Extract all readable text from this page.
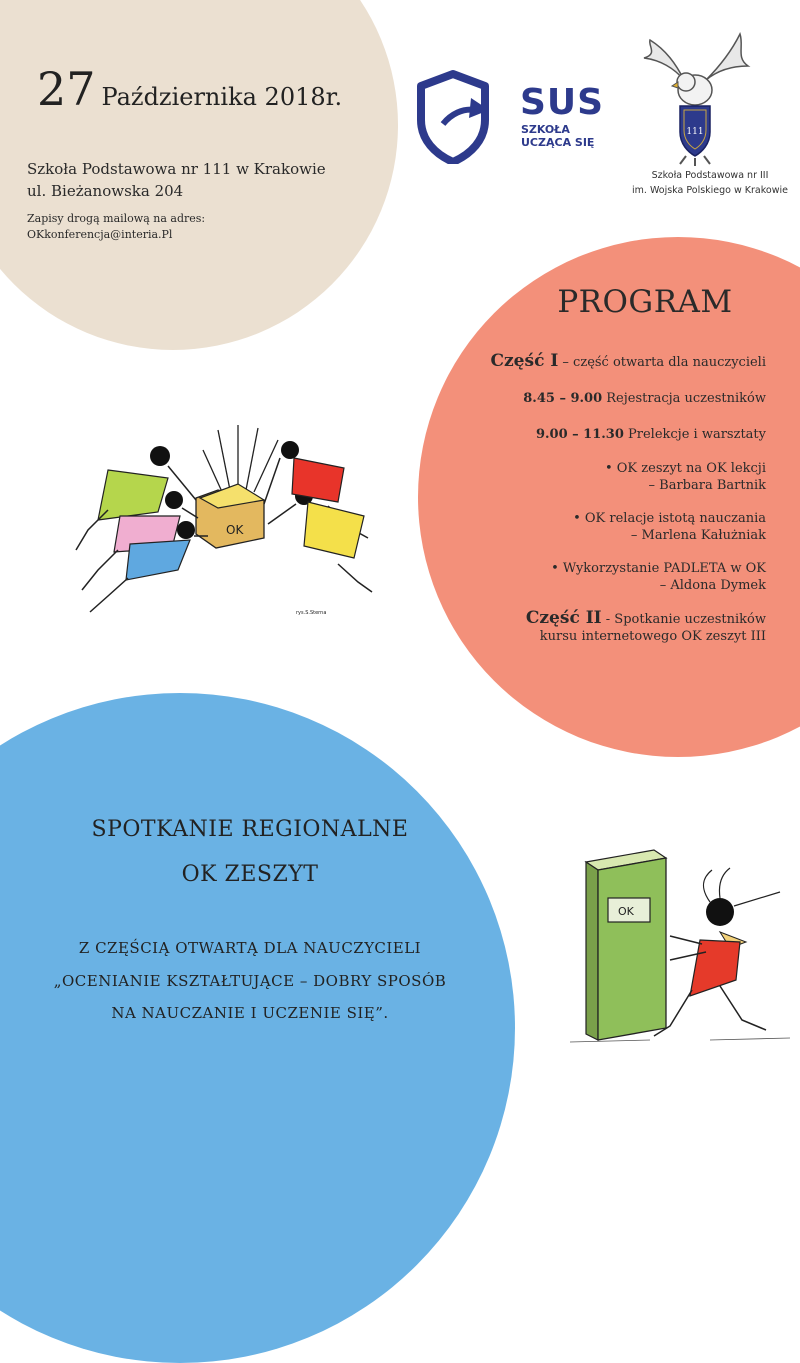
27 Października 2018r.
Szkoła Podstawowa nr 111 w Krakowie
ul. Bieżanowska 204
Zapisy drogą mailową na adres:
OKkonferencja@interia.Pl
SUS
SZKOŁA
UCZĄCA SIĘ
111
Szkoła Podstawowa nr III
im. Wojska Polskiego w Krakowie
PROGRAM
Część I – część otwarta dla nauczycieli
8.45 – 9.00 Rejestracja uczestników
9.00 – 11.30 Prelekcje i warsztaty
• OK zeszyt na OK lekcji
– Barbara Bartnik
• OK relacje istotą nauczania
– Marlena Kałużniak
• Wykorzystanie PADLETA w OK
– Aldona Dymek
Część II - Spotkanie uczestników
kursu internetowego OK zeszyt III
OK
rys.S.Sterna
SPOTKANIE REGIONALNE
OK ZESZYT
Z CZĘŚCIĄ OTWARTĄ DLA NAUCZYCIELI
„OCENIANIE KSZTAŁTUJĄCE – DOBRY SPOSÓB
NA NAUCZANIE I UCZENIE SIĘ”.
OK
